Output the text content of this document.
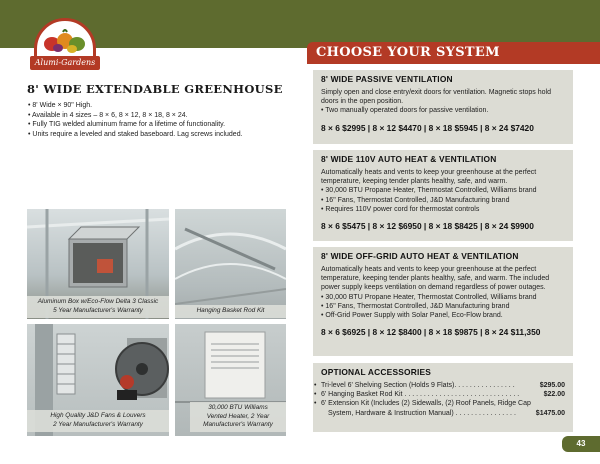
Alumi-Gardens
CHOOSE YOUR SYSTEM
8' WIDE EXTENDABLE GREENHOUSE
• 8' Wide × 90" High.
• Available in 4 sizes – 8 × 6, 8 × 12, 8 × 18, 8 × 24.
• Fully TIG welded aluminum frame for a lifetime of functionality.
• Units require a leveled and staked baseboard. Lag screws included.
Aluminum Box w/Eco-Flow Delta 3 Classic
5 Year Manufacturer's Warranty	Hanging Basket Rod Kit
High Quality J&D Fans & Louvers
2 Year Manufacturer's Warranty
30,000 BTU Williams
Vented Heater, 2 Year
Manufacturer's Warranty
8' WIDE PASSIVE VENTILATION

Simply open and close entry/exit doors for ventilation. Magnetic stops hold doors in the open position.

• Two manually operated doors for passive ventilation.
8 × 6 $2995 | 8 × 12 $4470 | 8 × 18 $5945 | 8 × 24 $7420
8' WIDE 110V AUTO HEAT & VENTILATION

Automatically heats and vents to keep your greenhouse at the perfect temperature, keeping tender plants healthy, safe, and warm.

• 30,000 BTU Propane Heater, Thermostat Controlled, Williams brand
• 16" Fans, Thermostat Controlled, J&D Manufacturing brand
• Requires 110V power cord for thermostat controls
8 × 6 $5475 | 8 × 12 $6950 | 8 × 18 $8425 | 8 × 24 $9900
8' WIDE OFF-GRID AUTO HEAT & VENTILATION

Automatically heats and vents to keep your greenhouse at the perfect temperature, keeping tender plants healthy, safe, and warm. The included power supply keeps ventilation on demand regardless of power outages.

• 30,000 BTU Propane Heater, Thermostat Controlled, Williams brand
• 16" Fans, Thermostat Controlled, J&D Manufacturing brand
• Off-Grid Power Supply with Solar Panel, Eco-Flow brand.
8 × 6 $6925 | 8 × 12 $8400 | 8 × 18 $9875 | 8 × 24 $11,350
OPTIONAL ACCESSORIES
• Tri-level 6' Shelving Section (Holds 9 Flats). . . . . . . . . . . . . . . .	$295.00
• 6' Hanging Basket Rod Kit . . . . . . . . . . . . . . . . . . . . . . . . . . . . . .	$22.00
• 6' Extension Kit (Includes (2) Sidewalls, (2) Roof Panels, Ridge Cap System, Hardware & Instruction Manual) . . . . . . . . . . . . . . . .	$1475.00
43
